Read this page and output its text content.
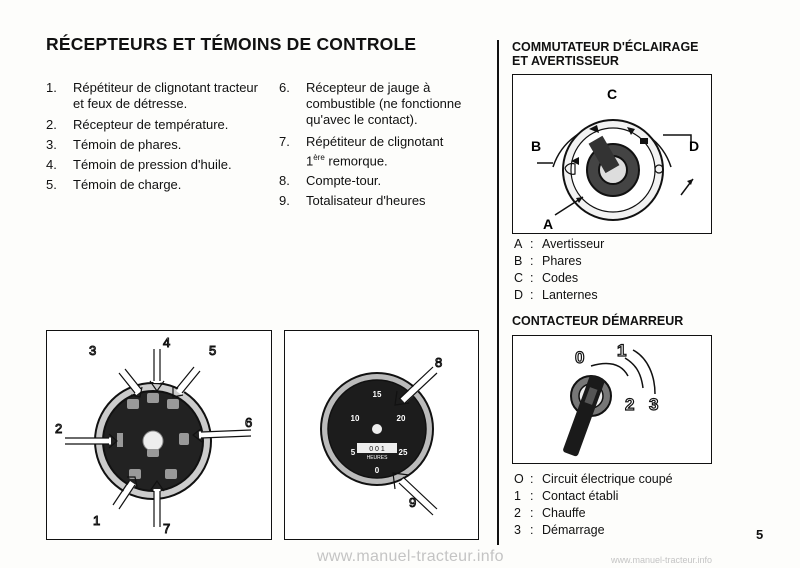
RÉCEPTEURS ET TÉMOINS DE CONTROLE
1. Répétiteur de clignotant tracteur et feux de détresse.
2. Récepteur de température.
3. Témoin de phares.
4. Témoin de pression d'huile.
5. Témoin de charge.
6. Récepteur de jauge à combustible (ne fonctionne qu'avec le contact).
7. Répétiteur de clignotant
1ère remorque.
8. Compte-tour.
9. Totalisateur d'heures
COMMUTATEUR D'ÉCLAIRAGE
ET AVERTISSEUR
A
B
C
D
A : Avertisseur
B : Phares
C : Codes
D : Lanternes
CONTACTEUR DÉMARREUR
0 1
2 3
O : Circuit électrique coupé
1 : Contact établi
2 : Chauffe
3 : Démarrage
3
4
5
2	6
1
7
15
10	20
5	25
0
0 0 1
HEURES
8
9
5
www.manuel-tracteur.info	www.manuel-tracteur.info
